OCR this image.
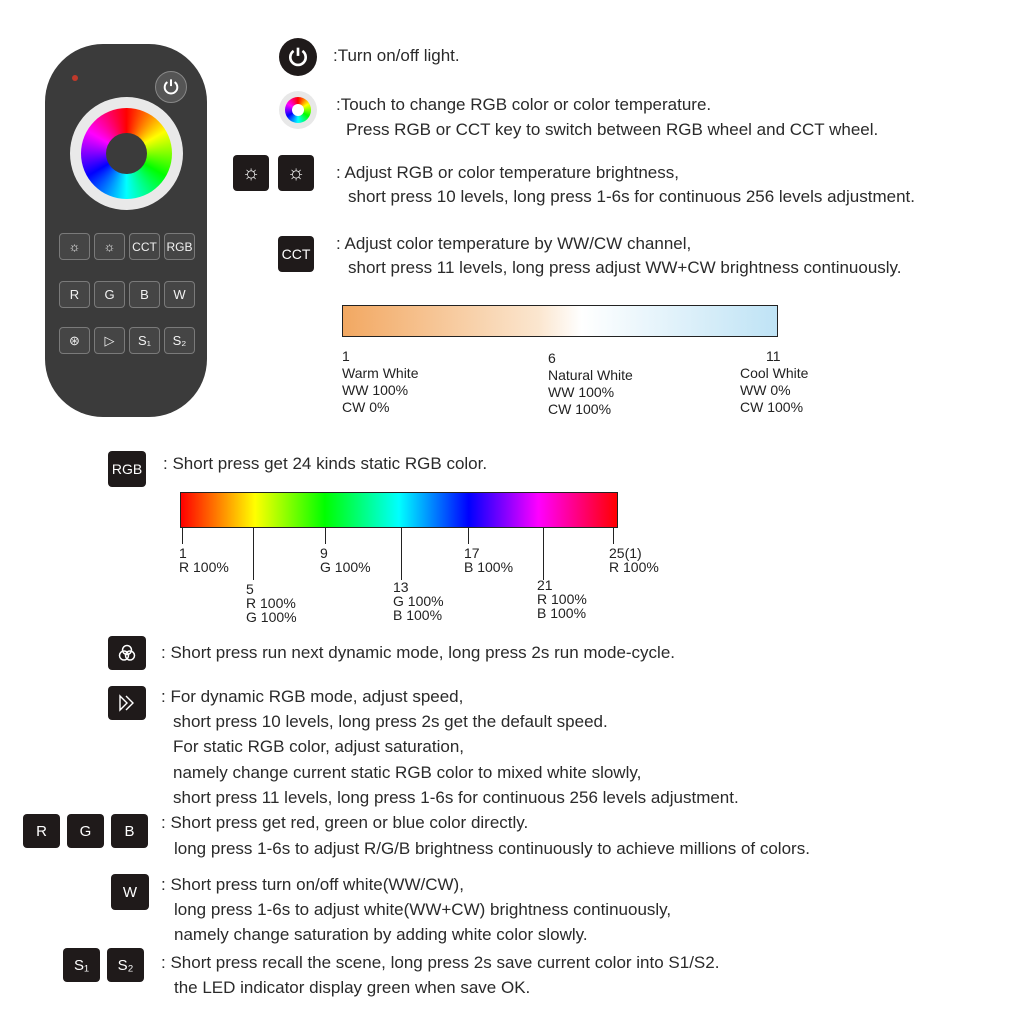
☼	☼	CCT RGB
R	G	B	W
⊛	▷	S₁	S₂
:Turn on/off light.
:Touch to change RGB color or color temperature.
Press RGB or CCT key to switch between RGB wheel and CCT wheel.
☼	☼	: Adjust RGB or color temperature brightness,
short press 10 levels, long press 1-6s for continuous 256 levels adjustment.
CCT
: Adjust color temperature by WW/CW channel,
short press 11 levels, long press adjust WW+CW brightness continuously.
1
Warm White
WW 100%
CW 0%
6
Natural White
WW 100%
CW 100%
11
Cool White
WW 0%
CW 100%
RGB : Short press get 24 kinds static RGB color.
1
R 100%
9
G 100%
17
B 100%
25(1)
R 100%
5
R 100%
G 100%
13
G 100%
B 100%
21
R 100%
B 100%
: Short press run next dynamic mode, long press 2s run mode-cycle.
: For dynamic RGB mode, adjust speed,
short press 10 levels, long press 2s get the default speed.
For static RGB color, adjust saturation,
namely change current static RGB color to mixed white slowly,
short press 11 levels, long press 1-6s for continuous 256 levels adjustment.
R	G	B	: Short press get red, green or blue color directly.
long press 1-6s to adjust R/G/B brightness continuously to achieve millions of colors.
W	: Short press turn on/off white(WW/CW),
long press 1-6s to adjust white(WW+CW) brightness continuously,
namely change saturation by adding white color slowly.
S₁	S₂	: Short press recall the scene, long press 2s save current color into S1/S2.
the LED indicator display green when save OK.
